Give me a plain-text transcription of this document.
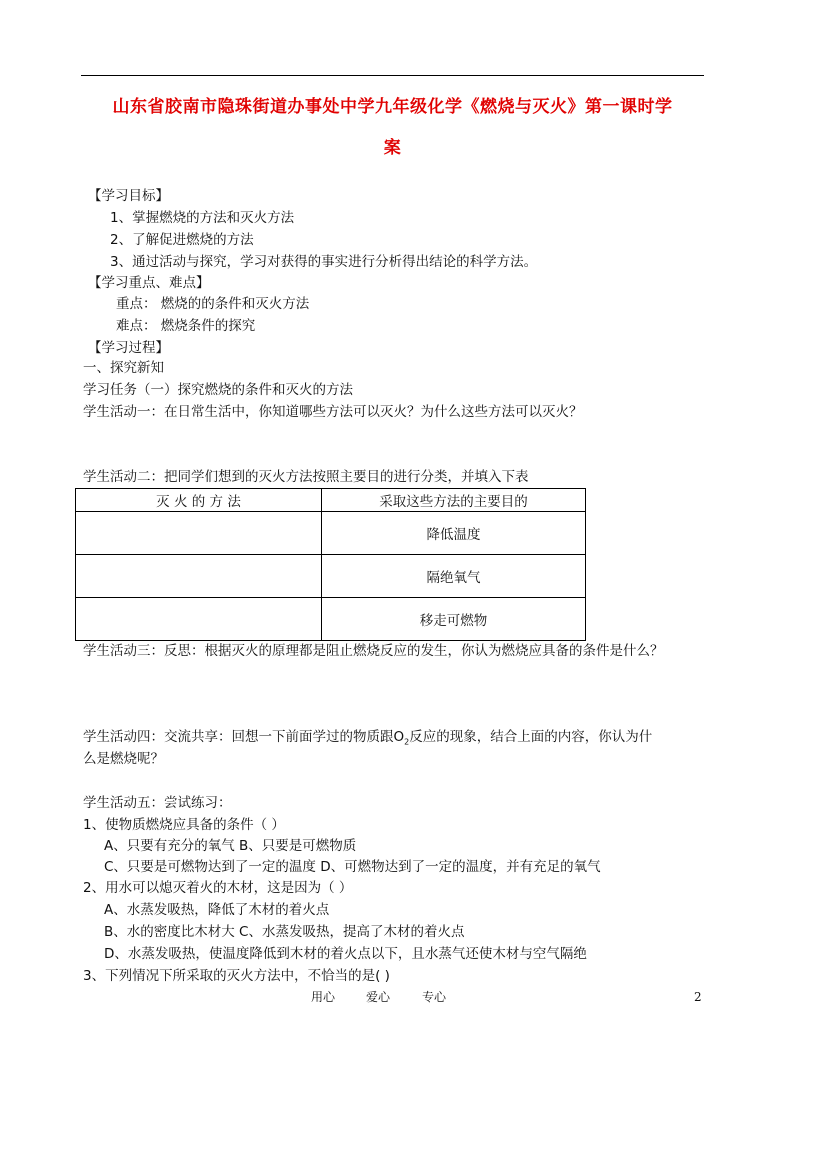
山东省胶南市隐珠街道办事处中学九年级化学《燃烧与灭火》第一课时学
案
【学习目标】
1、掌握燃烧的方法和灭火方法
2、了解促进燃烧的方法
3、通过活动与探究，学习对获得的事实进行分析得出结论的科学方法。
【学习重点、难点】
重点： 燃烧的的条件和灭火方法
难点： 燃烧条件的探究
【学习过程】
一、探究新知
学习任务（一）探究燃烧的条件和灭火的方法
学生活动一：在日常生活中，你知道哪些方法可以灭火？为什么这些方法可以灭火？
学生活动二：把同学们想到的灭火方法按照主要目的进行分类，并填入下表
灭 火 的 方 法	采取这些方法的主要目的
	降低温度
	隔绝氧气
	移走可燃物
学生活动三：反思：根据灭火的原理都是阻止燃烧反应的发生，你认为燃烧应具备的条件是什么？
学生活动四：交流共享：回想一下前面学过的物质跟$O_2$反应的现象，结合上面的内容，你认为什
么是燃烧呢？
学生活动五：尝试练习：
1、使物质燃烧应具备的条件（ ）
A、只要有充分的氧气 B、只要是可燃物质
C、只要是可燃物达到了一定的温度 D、可燃物达到了一定的温度，并有充足的氧气
2、用水可以熄灭着火的木材，这是因为（ ）
A、水蒸发吸热，降低了木材的着火点
B、水的密度比木材大 C、水蒸发吸热，提高了木材的着火点
D、水蒸发吸热，使温度降低到木材的着火点以下，且水蒸气还使木材与空气隔绝
3、下列情况下所采取的灭火方法中，不恰当的是( )
用心	爱心	专心	2
